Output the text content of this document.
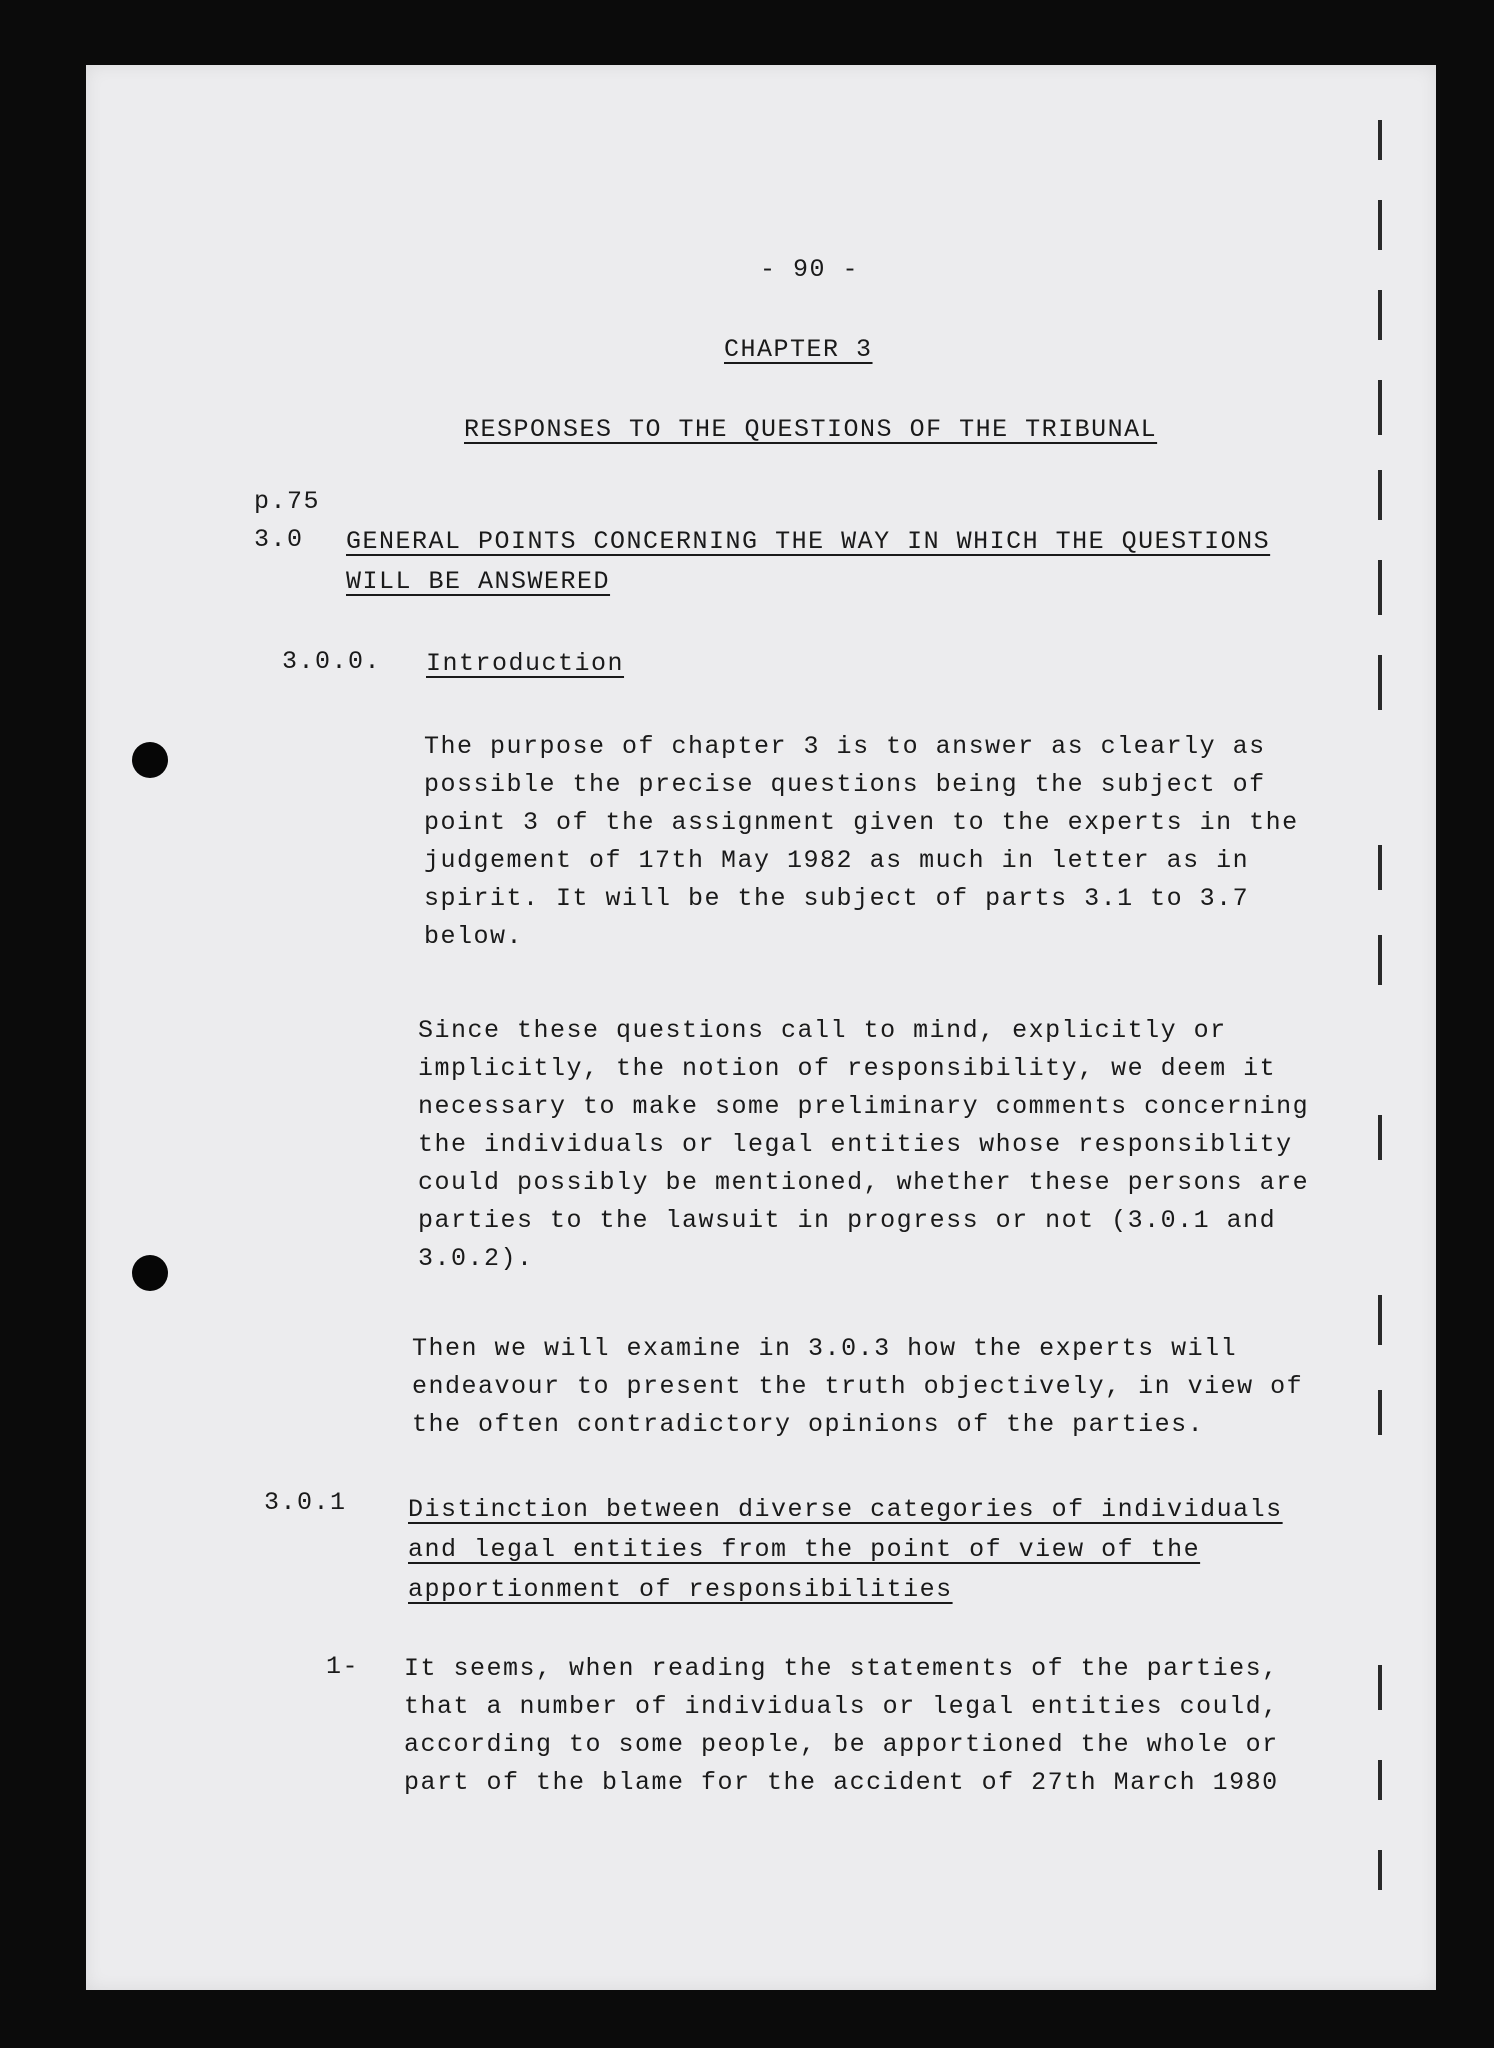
- 90 -

CHAPTER 3

RESPONSES TO THE QUESTIONS OF THE TRIBUNAL

p.75

3.0 GENERAL POINTS CONCERNING THE WAY IN WHICH THE QUESTIONS
WILL BE ANSWERED

3.0.0. Introduction

The purpose of chapter 3 is to answer as clearly as
possible the precise questions being the subject of
point 3 of the assignment given to the experts in the
judgement of 17th May 1982 as much in letter as in
spirit. It will be the subject of parts 3.1 to 3.7
below.
Since these questions call to mind, explicitly or
implicitly, the notion of responsibility, we deem it
necessary to make some preliminary comments concerning
the individuals or legal entities whose responsiblity
could possibly be mentioned, whether these persons are
parties to the lawsuit in progress or not (3.0.1 and
3.0.2).
Then we will examine in 3.0.3 how the experts will
endeavour to present the truth objectively, in view of
the often contradictory opinions of the parties.

3.0.1 Distinction between diverse categories of individuals
and legal entities from the point of view of the
apportionment of responsibilities

1- It seems, when reading the statements of the parties,
that a number of individuals or legal entities could,
according to some people, be apportioned the whole or
part of the blame for the accident of 27th March 1980
